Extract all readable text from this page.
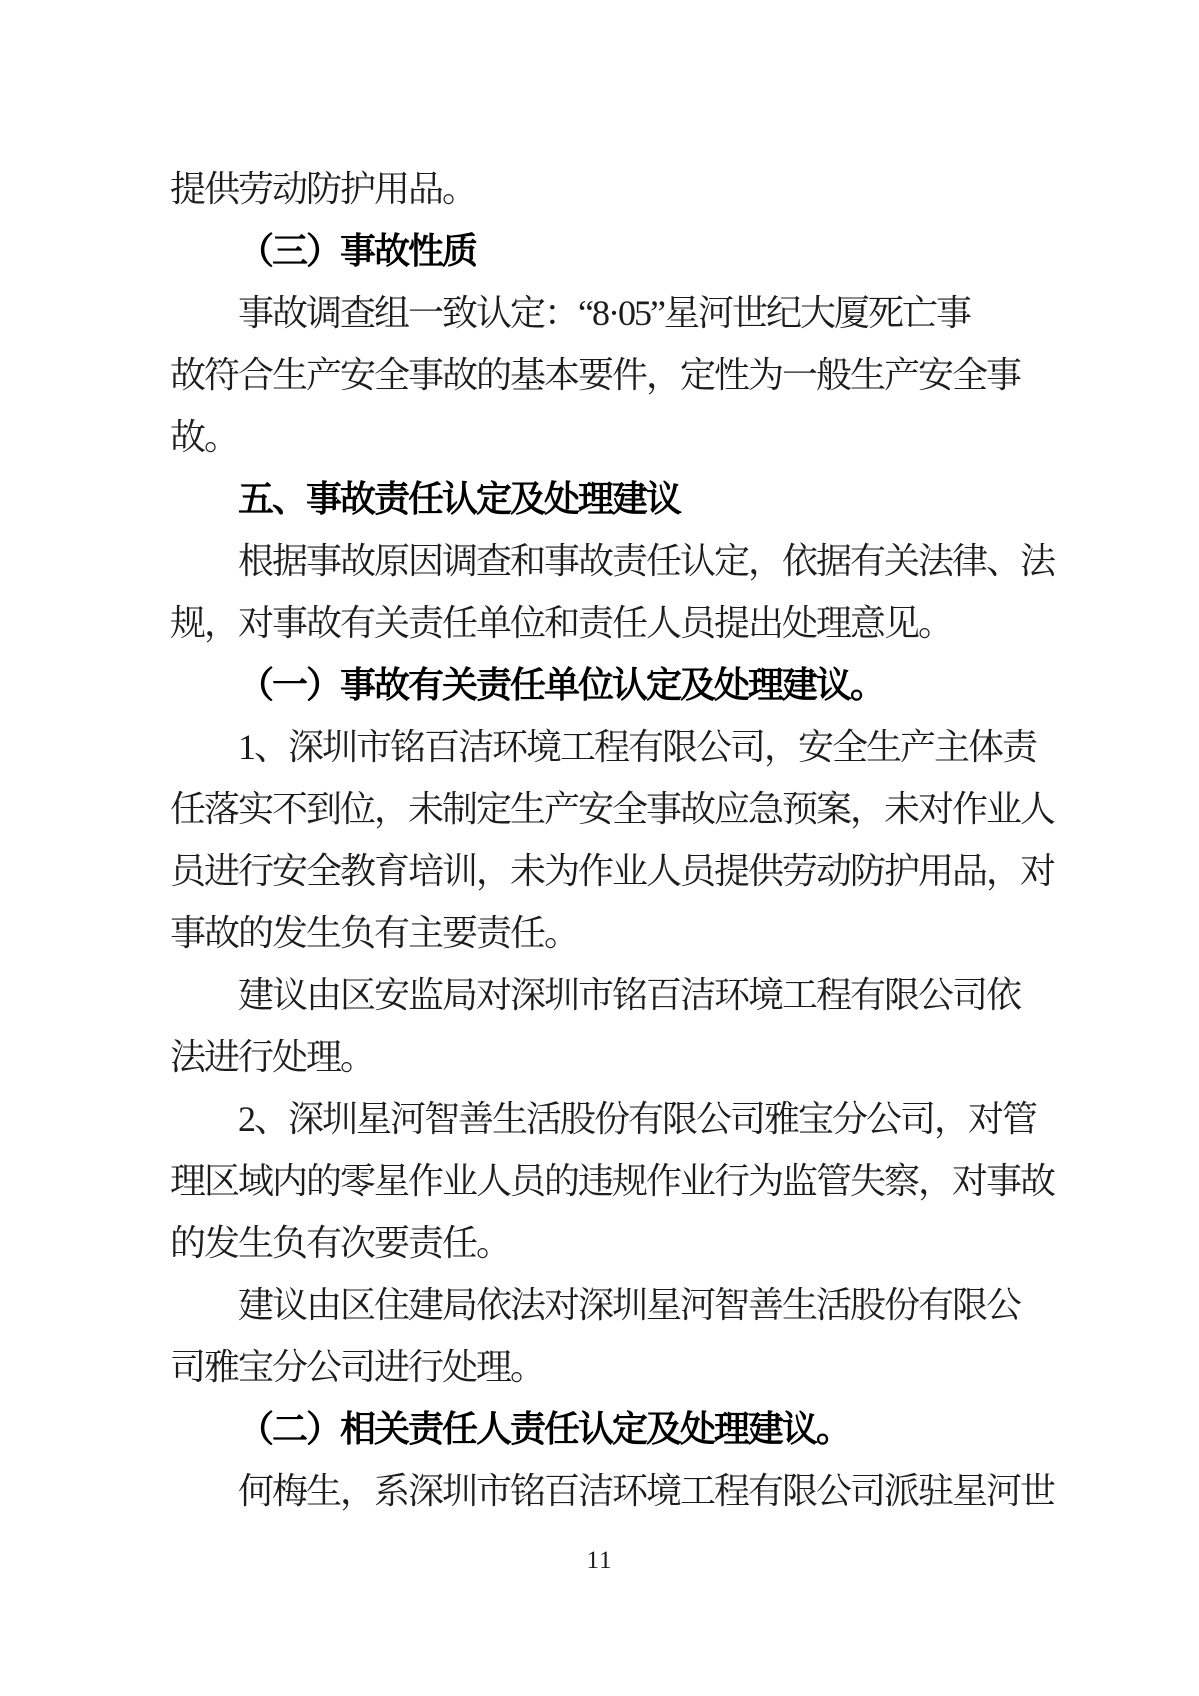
提供劳动防护用品。
（三）事故性质
事故调查组一致认定：“8·05”星河世纪大厦死亡事
故符合生产安全事故的基本要件，定性为一般生产安全事
故。
五、事故责任认定及处理建议
根据事故原因调查和事故责任认定，依据有关法律、法
规，对事故有关责任单位和责任人员提出处理意见。
（一）事故有关责任单位认定及处理建议。
1、深圳市铭百洁环境工程有限公司，安全生产主体责
任落实不到位，未制定生产安全事故应急预案，未对作业人
员进行安全教育培训，未为作业人员提供劳动防护用品，对
事故的发生负有主要责任。
建议由区安监局对深圳市铭百洁环境工程有限公司依
法进行处理。
2、深圳星河智善生活股份有限公司雅宝分公司，对管
理区域内的零星作业人员的违规作业行为监管失察，对事故
的发生负有次要责任。
建议由区住建局依法对深圳星河智善生活股份有限公
司雅宝分公司进行处理。
（二）相关责任人责任认定及处理建议。
何梅生，系深圳市铭百洁环境工程有限公司派驻星河世
11
